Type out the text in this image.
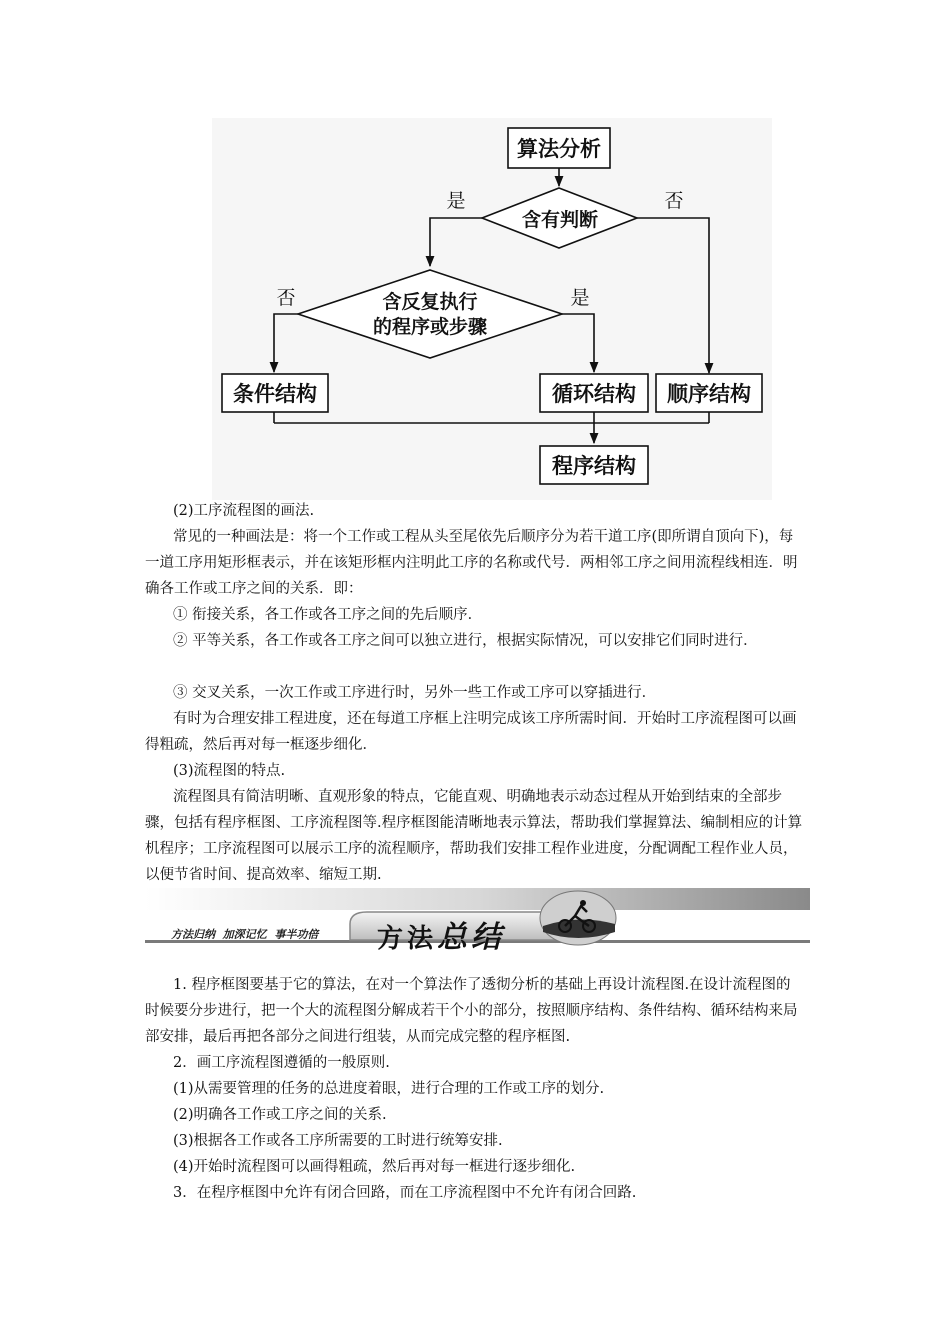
算法分析
含有判断
含反复执行
的程序或步骤
条件结构	循环结构 顺序结构
程序结构
是	否
否	是

(2)工序流程图的画法.

常见的一种画法是：将一个工作或工程从头至尾依先后顺序分为若干道工序(即所谓自顶向下)，每一道工序用矩形框表示，并在该矩形框内注明此工序的名称或代号．两相邻工序之间用流程线相连．明确各工作或工序之间的关系．即：

① 衔接关系，各工作或各工序之间的先后顺序．

② 平等关系，各工作或各工序之间可以独立进行，根据实际情况，可以安排它们同时进行．

③ 交叉关系，一次工作或工序进行时，另外一些工作或工序可以穿插进行．

有时为合理安排工程进度，还在每道工序框上注明完成该工序所需时间．开始时工序流程图可以画得粗疏，然后再对每一框逐步细化．

(3)流程图的特点.

流程图具有简洁明晰、直观形象的特点，它能直观、明确地表示动态过程从开始到结束的全部步骤，包括有程序框图、工序流程图等.程序框图能清晰地表示算法，帮助我们掌握算法、编制相应的计算机程序；工序流程图可以展示工序的流程顺序，帮助我们安排工程作业进度，分配调配工程作业人员，以便节省时间、提高效率、缩短工期.

方法归纳  加深记忆  事半功倍 方法总结

1. 程序框图要基于它的算法，在对一个算法作了透彻分析的基础上再设计流程图.在设计流程图的时候要分步进行，把一个大的流程图分解成若干个小的部分，按照顺序结构、条件结构、循环结构来局部安排，最后再把各部分之间进行组装，从而完成完整的程序框图.

2．画工序流程图遵循的一般原则.

(1)从需要管理的任务的总进度着眼，进行合理的工作或工序的划分.

(2)明确各工作或工序之间的关系.

(3)根据各工作或各工序所需要的工时进行统筹安排.

(4)开始时流程图可以画得粗疏，然后再对每一框进行逐步细化.

3．在程序框图中允许有闭合回路，而在工序流程图中不允许有闭合回路.
